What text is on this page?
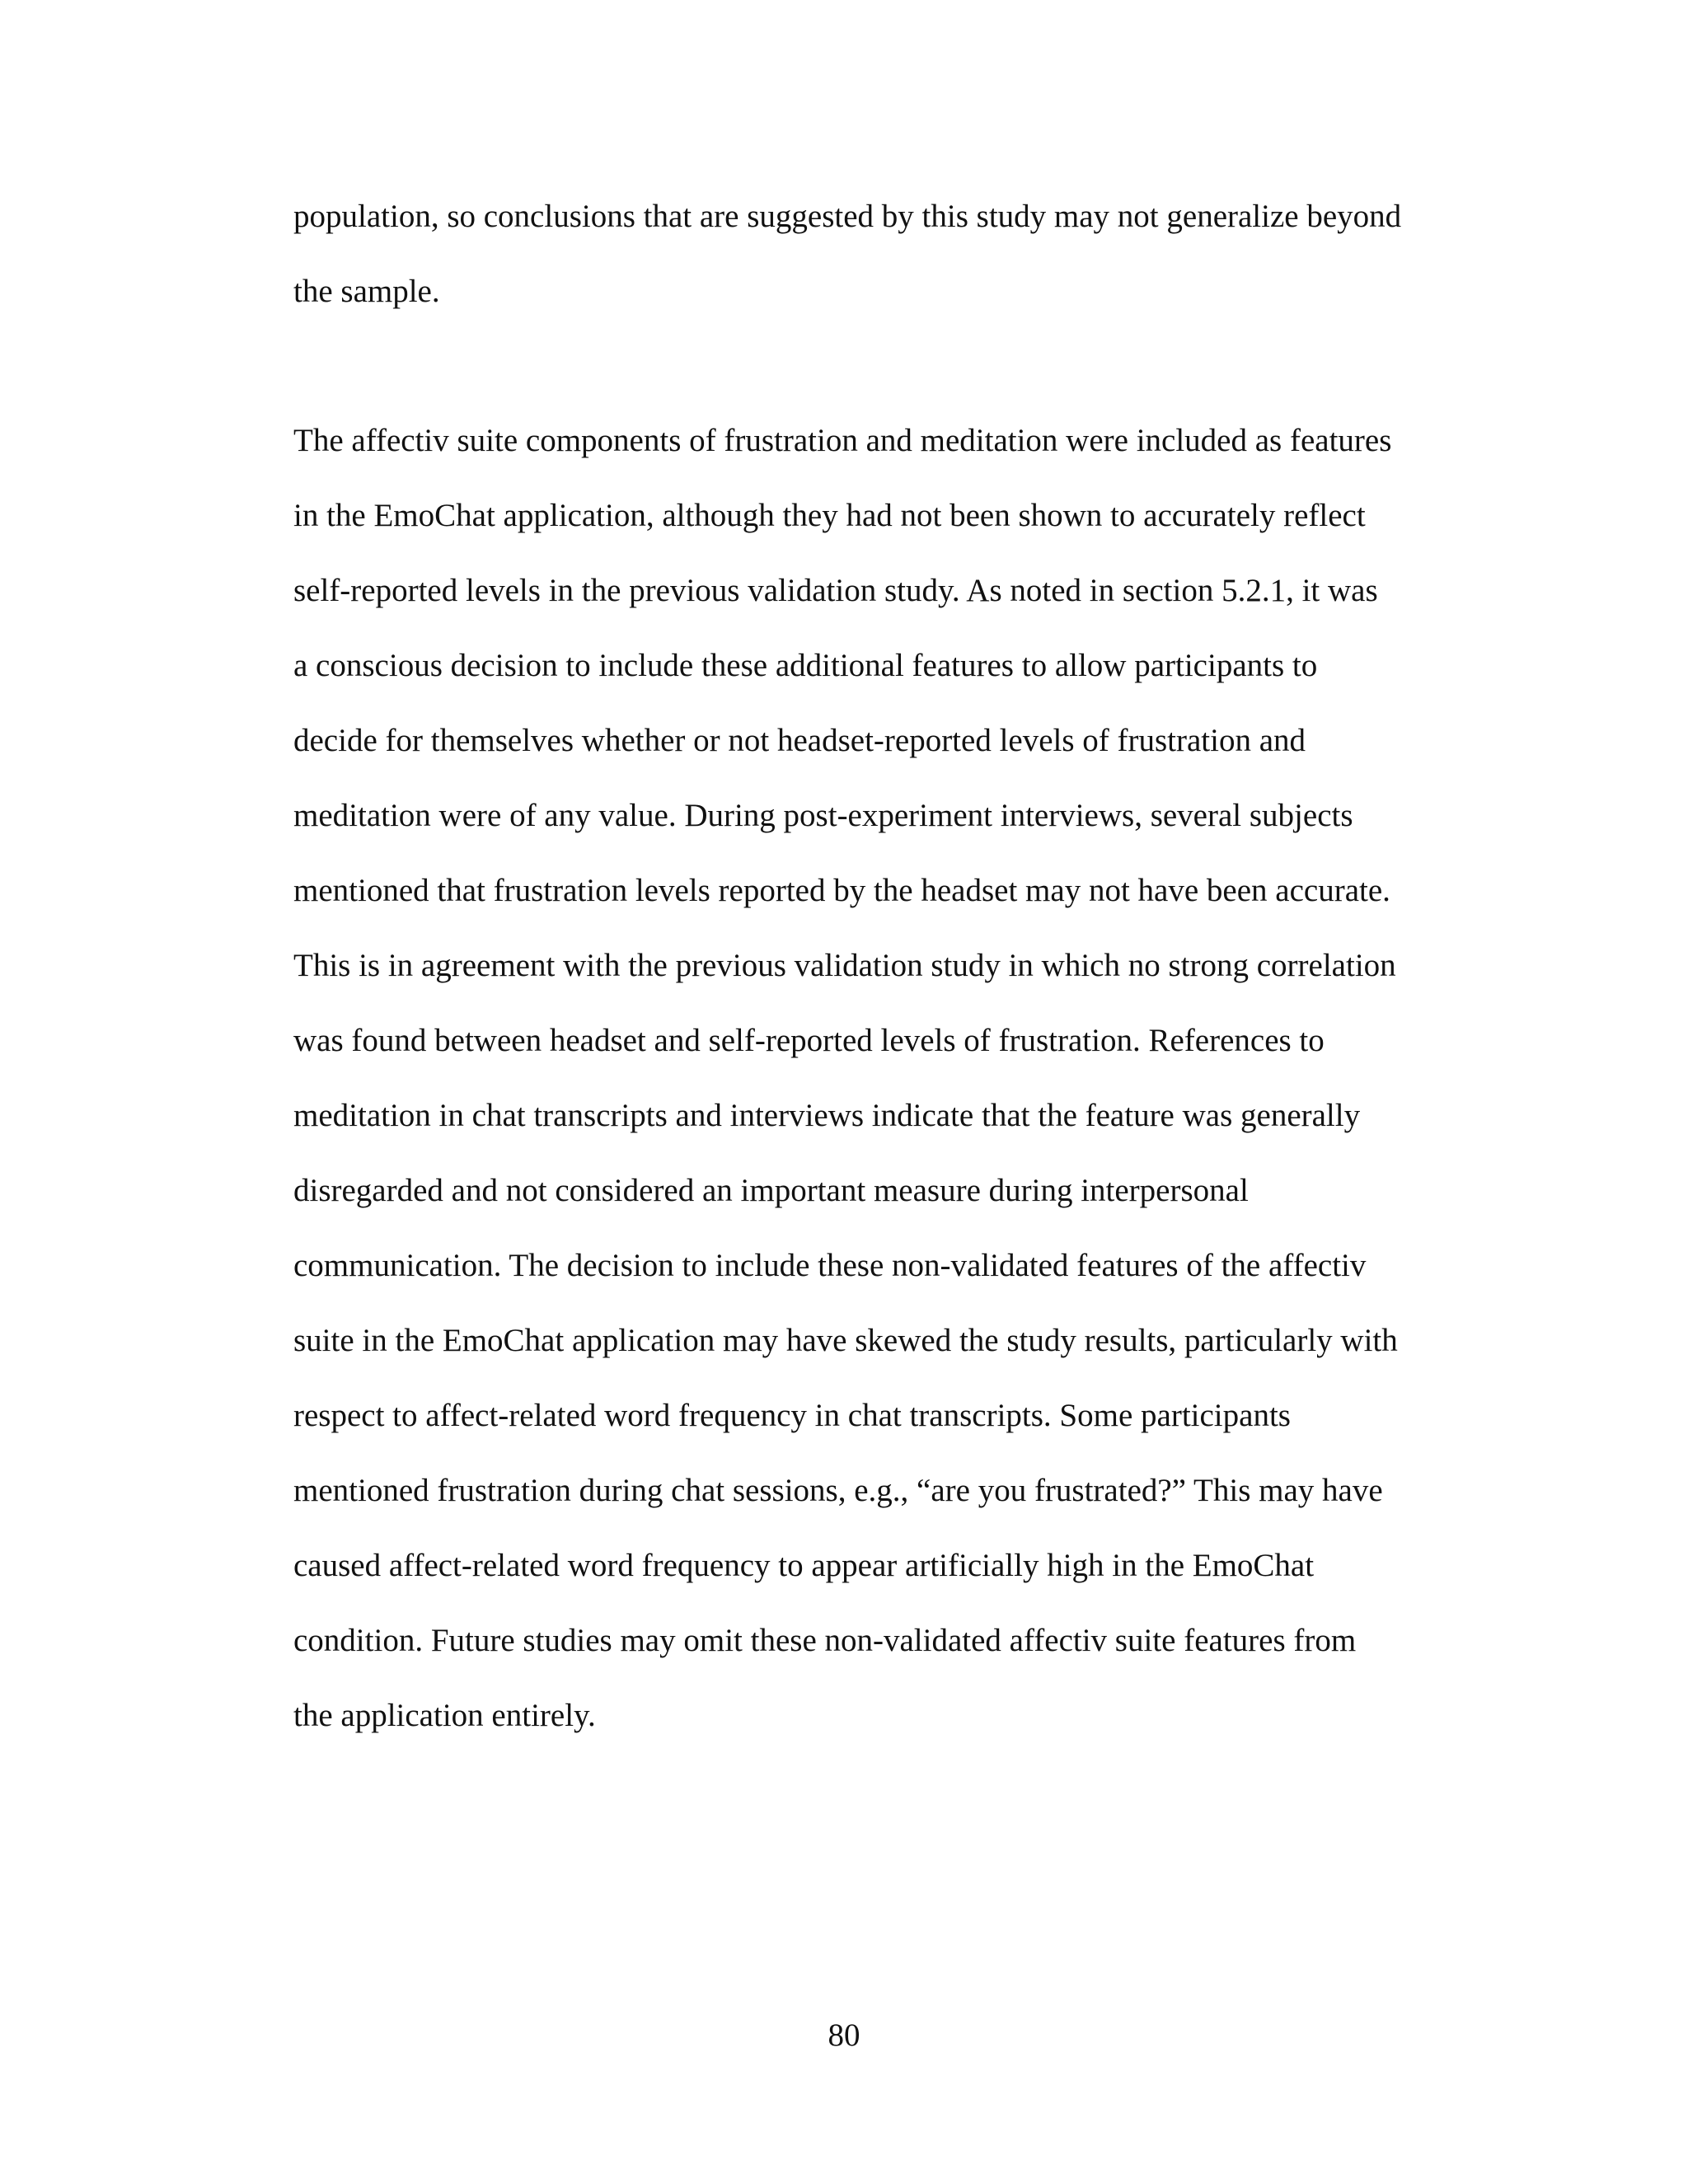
population, so conclusions that are suggested by this study may not generalize beyond
the sample.
The affectiv suite components of frustration and meditation were included as features
in the EmoChat application, although they had not been shown to accurately reflect
self-reported levels in the previous validation study. As noted in section 5.2.1, it was
a conscious decision to include these additional features to allow participants to
decide for themselves whether or not headset-reported levels of frustration and
meditation were of any value. During post-experiment interviews, several subjects
mentioned that frustration levels reported by the headset may not have been accurate.
This is in agreement with the previous validation study in which no strong correlation
was found between headset and self-reported levels of frustration. References to
meditation in chat transcripts and interviews indicate that the feature was generally
disregarded and not considered an important measure during interpersonal
communication. The decision to include these non-validated features of the affectiv
suite in the EmoChat application may have skewed the study results, particularly with
respect to affect-related word frequency in chat transcripts. Some participants
mentioned frustration during chat sessions, e.g., “are you frustrated?” This may have
caused affect-related word frequency to appear artificially high in the EmoChat
condition. Future studies may omit these non-validated affectiv suite features from
the application entirely.
80
